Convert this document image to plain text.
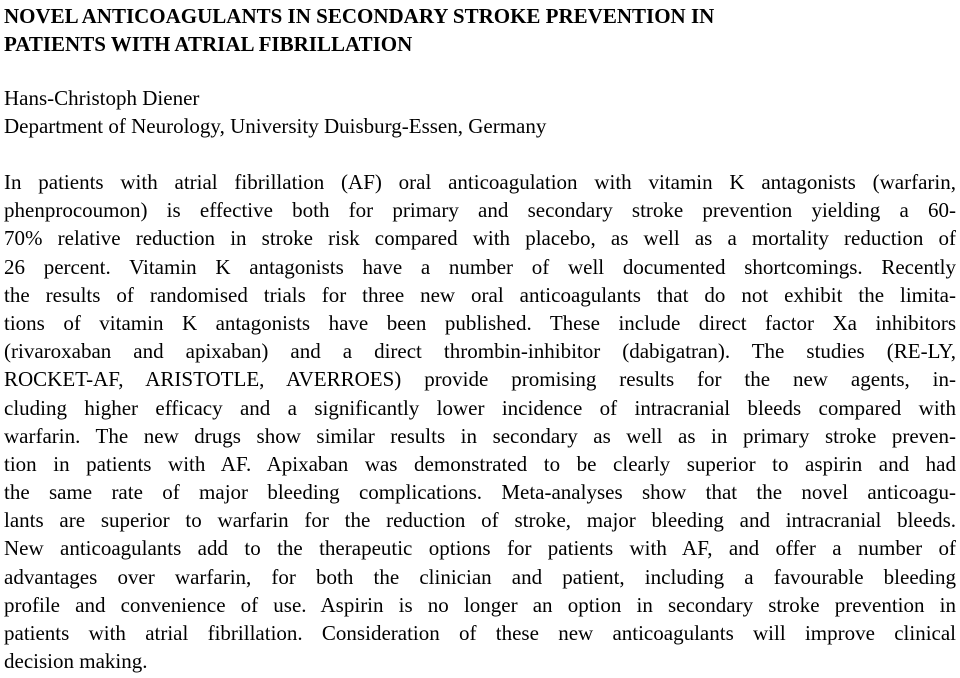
NOVEL ANTICOAGULANTS IN SECONDARY STROKE PREVENTION IN
PATIENTS WITH ATRIAL FIBRILLATION
Hans-Christoph Diener
Department of Neurology, University Duisburg-Essen, Germany
In patients with atrial fibrillation (AF) oral anticoagulation with vitamin K antagonists (warfarin,
phenprocoumon) is effective both for primary and secondary stroke prevention yielding a 60-
70% relative reduction in stroke risk compared with placebo, as well as a mortality reduction of
26 percent. Vitamin K antagonists have a number of well documented shortcomings. Recently
the results of randomised trials for three new oral anticoagulants that do not exhibit the limita-
tions of vitamin K antagonists have been published. These include direct factor Xa inhibitors
(rivaroxaban and apixaban) and a direct thrombin-inhibitor (dabigatran). The studies (RE-LY,
ROCKET-AF, ARISTOTLE, AVERROES) provide promising results for the new agents, in-
cluding higher efficacy and a significantly lower incidence of intracranial bleeds compared with
warfarin. The new drugs show similar results in secondary as well as in primary stroke preven-
tion in patients with AF. Apixaban was demonstrated to be clearly superior to aspirin and had
the same rate of major bleeding complications. Meta-analyses show that the novel anticoagu-
lants are superior to warfarin for the reduction of stroke, major bleeding and intracranial bleeds.
New anticoagulants add to the therapeutic options for patients with AF, and offer a number of
advantages over warfarin, for both the clinician and patient, including a favourable bleeding
profile and convenience of use. Aspirin is no longer an option in secondary stroke prevention in
patients with atrial fibrillation. Consideration of these new anticoagulants will improve clinical
decision making.
